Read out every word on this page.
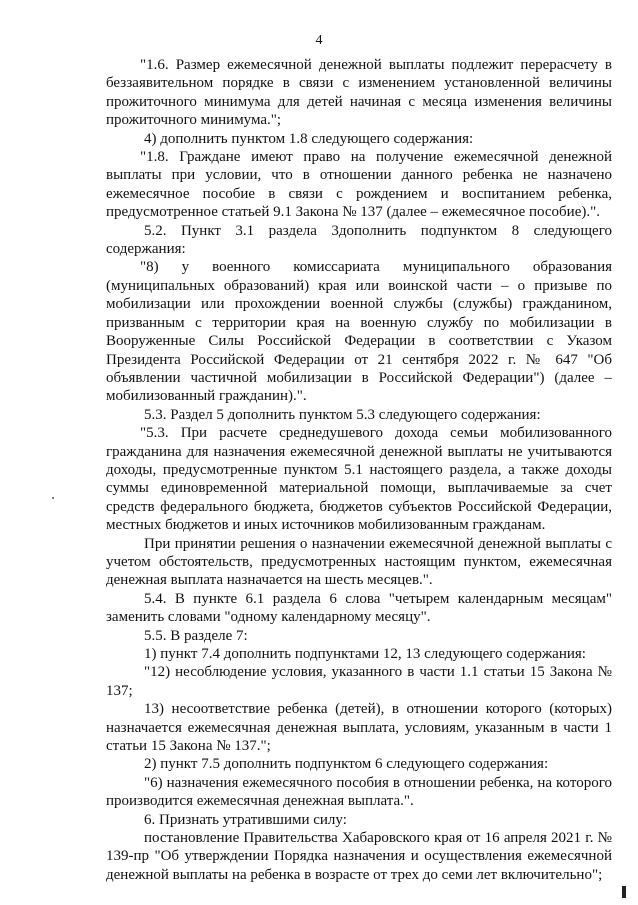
4

"1.6. Размер ежемесячной денежной выплаты подлежит перерасчету в беззаявительном порядке в связи с изменением установленной величины прожиточного минимума для детей начиная с месяца изменения величины прожиточного минимума.";

4) дополнить пунктом 1.8 следующего содержания:

"1.8. Граждане имеют право на получение ежемесячной денежной выплаты при условии, что в отношении данного ребенка не назначено ежемесячное пособие в связи с рождением и воспитанием ребенка, предусмотренное статьей 9.1 Закона № 137 (далее – ежемесячное пособие).".

5.2. Пункт 3.1 раздела 3дополнить подпунктом 8 следующего содержания:

"8) у военного комиссариата муниципального образования (муниципальных образований) края или воинской части – о призыве по мобилизации или прохождении военной службы (службы) гражданином, призванным с территории края на военную службу по мобилизации в Вооруженные Силы Российской Федерации в соответствии с Указом Президента Российской Федерации от 21 сентября 2022 г. № 647 "Об объявлении частичной мобилизации в Российской Федерации") (далее – мобилизованный гражданин).".

5.3. Раздел 5 дополнить пунктом 5.3 следующего содержания:

"5.3. При расчете среднедушевого дохода семьи мобилизованного гражданина для назначения ежемесячной денежной выплаты не учитываются доходы, предусмотренные пунктом 5.1 настоящего раздела, а также доходы суммы единовременной материальной помощи, выплачиваемые за счет средств федерального бюджета, бюджетов субъектов Российской Федерации, местных бюджетов и иных источников мобилизованным гражданам.

При принятии решения о назначении ежемесячной денежной выплаты с учетом обстоятельств, предусмотренных настоящим пунктом, ежемесячная денежная выплата назначается на шесть месяцев.".

5.4. В пункте 6.1 раздела 6 слова "четырем календарным месяцам" заменить словами "одному календарному месяцу".

5.5. В разделе 7:

1) пункт 7.4 дополнить подпунктами 12, 13 следующего содержания:

"12) несоблюдение условия, указанного в части 1.1 статьи 15 Закона № 137;

13) несоответствие ребенка (детей), в отношении которого (которых) назначается ежемесячная денежная выплата, условиям, указанным в части 1 статьи 15 Закона № 137.";

2) пункт 7.5 дополнить подпунктом 6 следующего содержания:

"6) назначения ежемесячного пособия в отношении ребенка, на которого производится ежемесячная денежная выплата.".

6. Признать утратившими силу:

постановление Правительства Хабаровского края от 16 апреля 2021 г. № 139-пр "Об утверждении Порядка назначения и осуществления ежемесячной денежной выплаты на ребенка в возрасте от трех до семи лет включительно";
